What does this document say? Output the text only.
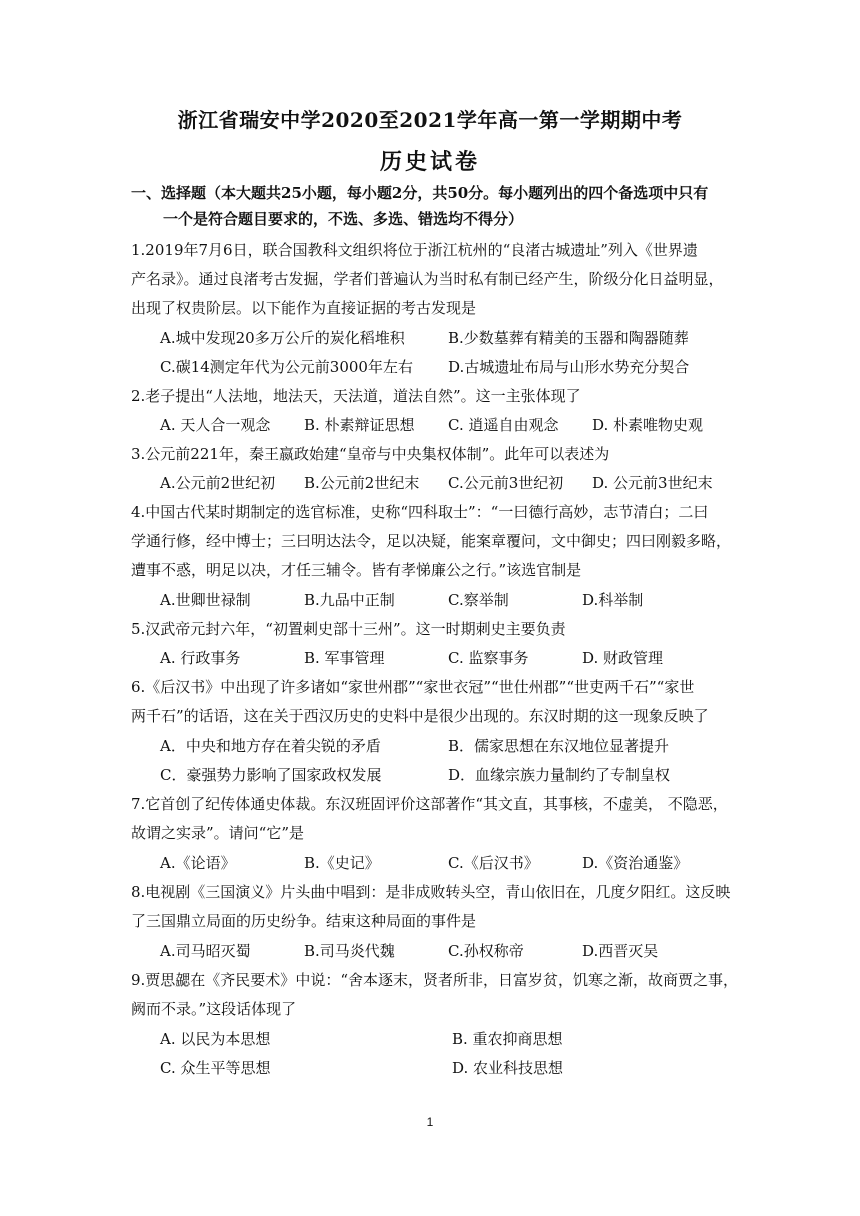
浙江省瑞安中学2020至2021学年高一第一学期期中考
历史试卷
一、选择题（本大题共25小题，每小题2分，共50分。每小题列出的四个备选项中只有
一个是符合题目要求的，不选、多选、错选均不得分）
1.2019年7月6日，联合国教科文组织将位于浙江杭州的“良渚古城遗址”列入《世界遗
产名录》。通过良渚考古发掘，学者们普遍认为当时私有制已经产生，阶级分化日益明显，
出现了权贵阶层。以下能作为直接证据的考古发现是
A.城中发现20多万公斤的炭化稻堆积	B.少数墓葬有精美的玉器和陶器随葬
C.碳14测定年代为公元前3000年左右 D.古城遗址布局与山形水势充分契合
2.老子提出“人法地，地法天，天法道，道法自然”。这一主张体现了
A. 天人合一观念 B. 朴素辩证思想 C. 逍遥自由观念 D. 朴素唯物史观
3.公元前221年，秦王嬴政始建“皇帝与中央集权体制”。此年可以表述为
A.公元前2世纪初 B.公元前2世纪末 C.公元前3世纪初 D. 公元前3世纪末
4.中国古代某时期制定的选官标准，史称“四科取士”：“一曰德行高妙，志节清白；二曰
学通行修，经中博士；三曰明达法令，足以决疑，能案章覆问，文中御史；四曰刚毅多略，
遭事不惑，明足以决，才任三辅令。皆有孝悌廉公之行。”该选官制是
A.世卿世禄制	B.九品中正制	C.察举制	D.科举制
5.汉武帝元封六年，“初置刺史部十三州”。这一时期刺史主要负责
A. 行政事务	B. 军事管理	C. 监察事务	D. 财政管理
6.《后汉书》中出现了许多诸如“家世州郡”“家世衣冠”“世仕州郡”“世吏两千石”“家世
两千石”的话语，这在关于西汉历史的史料中是很少出现的。东汉时期的这一现象反映了
A．中央和地方存在着尖锐的矛盾	B．儒家思想在东汉地位显著提升
C．豪强势力影响了国家政权发展	D．血缘宗族力量制约了专制皇权
7.它首创了纪传体通史体裁。东汉班固评价这部著作“其文直，其事核，不虚美， 不隐恶，
故谓之实录”。请问“它”是
A.《论语》	B.《史记》	C.《后汉书》	D.《资治通鉴》
8.电视剧《三国演义》片头曲中唱到：是非成败转头空，青山依旧在，几度夕阳红。这反映
了三国鼎立局面的历史纷争。结束这种局面的事件是
A.司马昭灭蜀	B.司马炎代魏	C.孙权称帝	D.西晋灭吴
9.贾思勰在《齐民要术》中说：“舍本逐末，贤者所非，日富岁贫，饥寒之渐，故商贾之事，
阙而不录。”这段话体现了
A. 以民为本思想	B. 重农抑商思想
C. 众生平等思想	D. 农业科技思想
1
